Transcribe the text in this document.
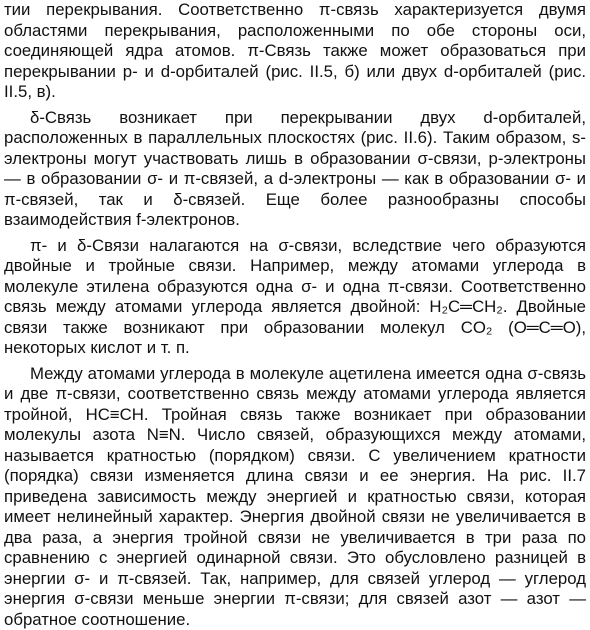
тии перекрывания. Соответственно π-связь характеризуется двумя областями перекрывания, расположенными по обе стороны оси, соединяющей ядра атомов. π-Связь также может образоваться при перекрывании p- и d-орбиталей (рис. II.5, б) или двух d-орбиталей (рис. II.5, в).

δ-Связь возникает при перекрывании двух d-орбиталей, расположенных в параллельных плоскостях (рис. II.6). Таким образом, s-электроны могут участвовать лишь в образовании σ-связи, p-электроны — в образовании σ- и π-связей, а d-электроны — как в образовании σ- и π-связей, так и δ-связей. Еще более разнообразны способы взаимодействия f-электронов.

π- и δ-Связи налагаются на σ-связи, вследствие чего образуются двойные и тройные связи. Например, между атомами углерода в молекуле этилена образуются одна σ- и одна π-связи. Соответственно связь между атомами углерода является двойной: H₂C═CH₂. Двойные связи также возникают при образовании молекул CO₂ (O═C═O), некоторых кислот и т. п.

Между атомами углерода в молекуле ацетилена имеется одна σ-связь и две π-связи, соответственно связь между атомами углерода является тройной, HC≡CH. Тройная связь также возникает при образовании молекулы азота N≡N. Число связей, образующихся между атомами, называется кратностью (порядком) связи. С увеличением кратности (порядка) связи изменяется длина связи и ее энергия. На рис. II.7 приведена зависимость между энергией и кратностью связи, которая имеет нелинейный характер. Энергия двойной связи не увеличивается в два раза, а энергия тройной связи не увеличивается в три раза по сравнению с энергией одинарной связи. Это обусловлено разницей в энергии σ- и π-связей. Так, например, для связей углерод — углерод энергия σ-связи меньше энергии π-связи; для связей азот — азот — обратное соотношение.
